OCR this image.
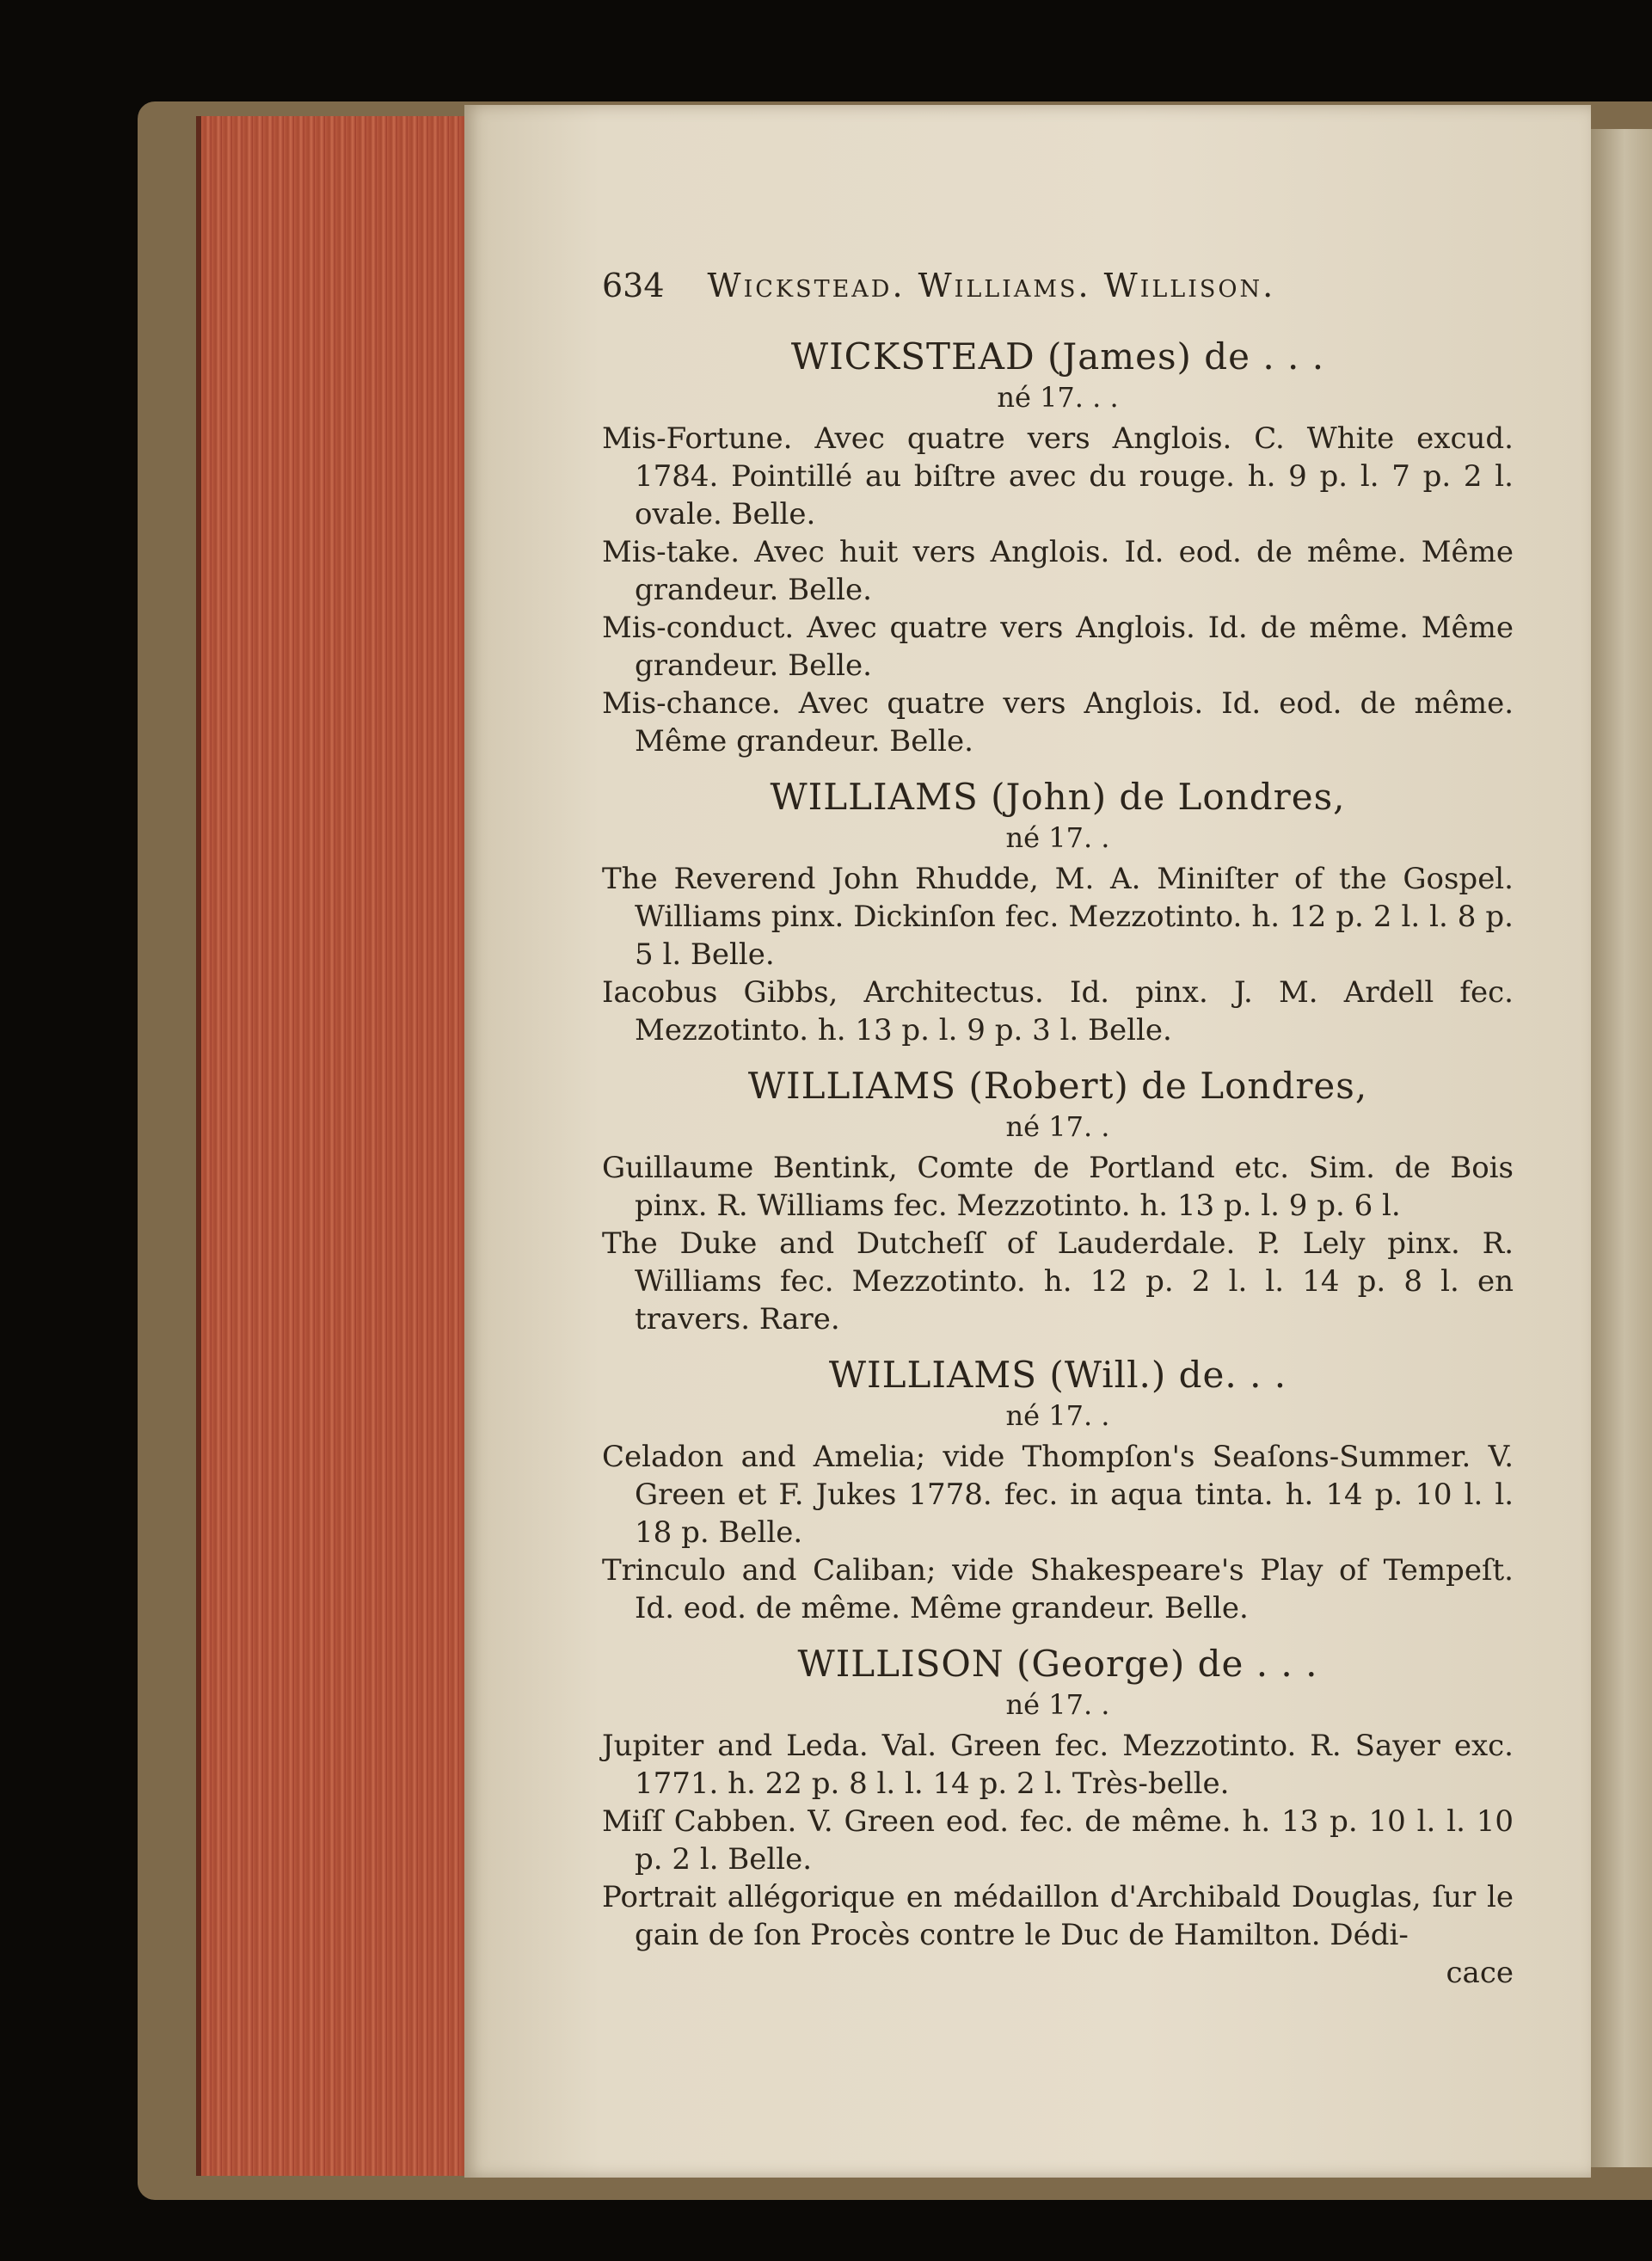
634 Wickstead. Williams. Willison.
WICKSTEAD (James) de . . .
né 17. . .

Mis-Fortune. Avec quatre vers Anglois. C. White excud. 1784. Pointillé au biſtre avec du rouge. h. 9 p. l. 7 p. 2 l. ovale. Belle.

Mis-take. Avec huit vers Anglois. Id. eod. de même. Même grandeur. Belle.

Mis-conduct. Avec quatre vers Anglois. Id. de même. Même grandeur. Belle.

Mis-chance. Avec quatre vers Anglois. Id. eod. de même. Même grandeur. Belle.

WILLIAMS (John) de Londres,
né 17. .

The Reverend John Rhudde, M. A. Miniſter of the Gospel. Williams pinx. Dickinſon fec. Mezzotinto. h. 12 p. 2 l. l. 8 p. 5 l. Belle.

Iacobus Gibbs, Architectus. Id. pinx. J. M. Ardell fec. Mezzotinto. h. 13 p. l. 9 p. 3 l. Belle.

WILLIAMS (Robert) de Londres,
né 17. .

Guillaume Bentink, Comte de Portland etc. Sim. de Bois pinx. R. Williams fec. Mezzotinto. h. 13 p. l. 9 p. 6 l.

The Duke and Dutcheſſ of Lauderdale. P. Lely pinx. R. Williams fec. Mezzotinto. h. 12 p. 2 l. l. 14 p. 8 l. en travers. Rare.

WILLIAMS (Will.) de. . .
né 17. .

Celadon and Amelia; vide Thompſon's Seaſons-Summer. V. Green et F. Jukes 1778. fec. in aqua tinta. h. 14 p. 10 l. l. 18 p. Belle.

Trinculo and Caliban; vide Shakespeare's Play of Tempeſt. Id. eod. de même. Même grandeur. Belle.

WILLISON (George) de . . .
né 17. .

Jupiter and Leda. Val. Green fec. Mezzotinto. R. Sayer exc. 1771. h. 22 p. 8 l. l. 14 p. 2 l. Très-belle.

Miſſ Cabben. V. Green eod. fec. de même. h. 13 p. 10 l. l. 10 p. 2 l. Belle.

Portrait allégorique en médaillon d'Archibald Douglas, ſur le gain de ſon Procès contre le Duc de Hamilton. Dédi-

cace
